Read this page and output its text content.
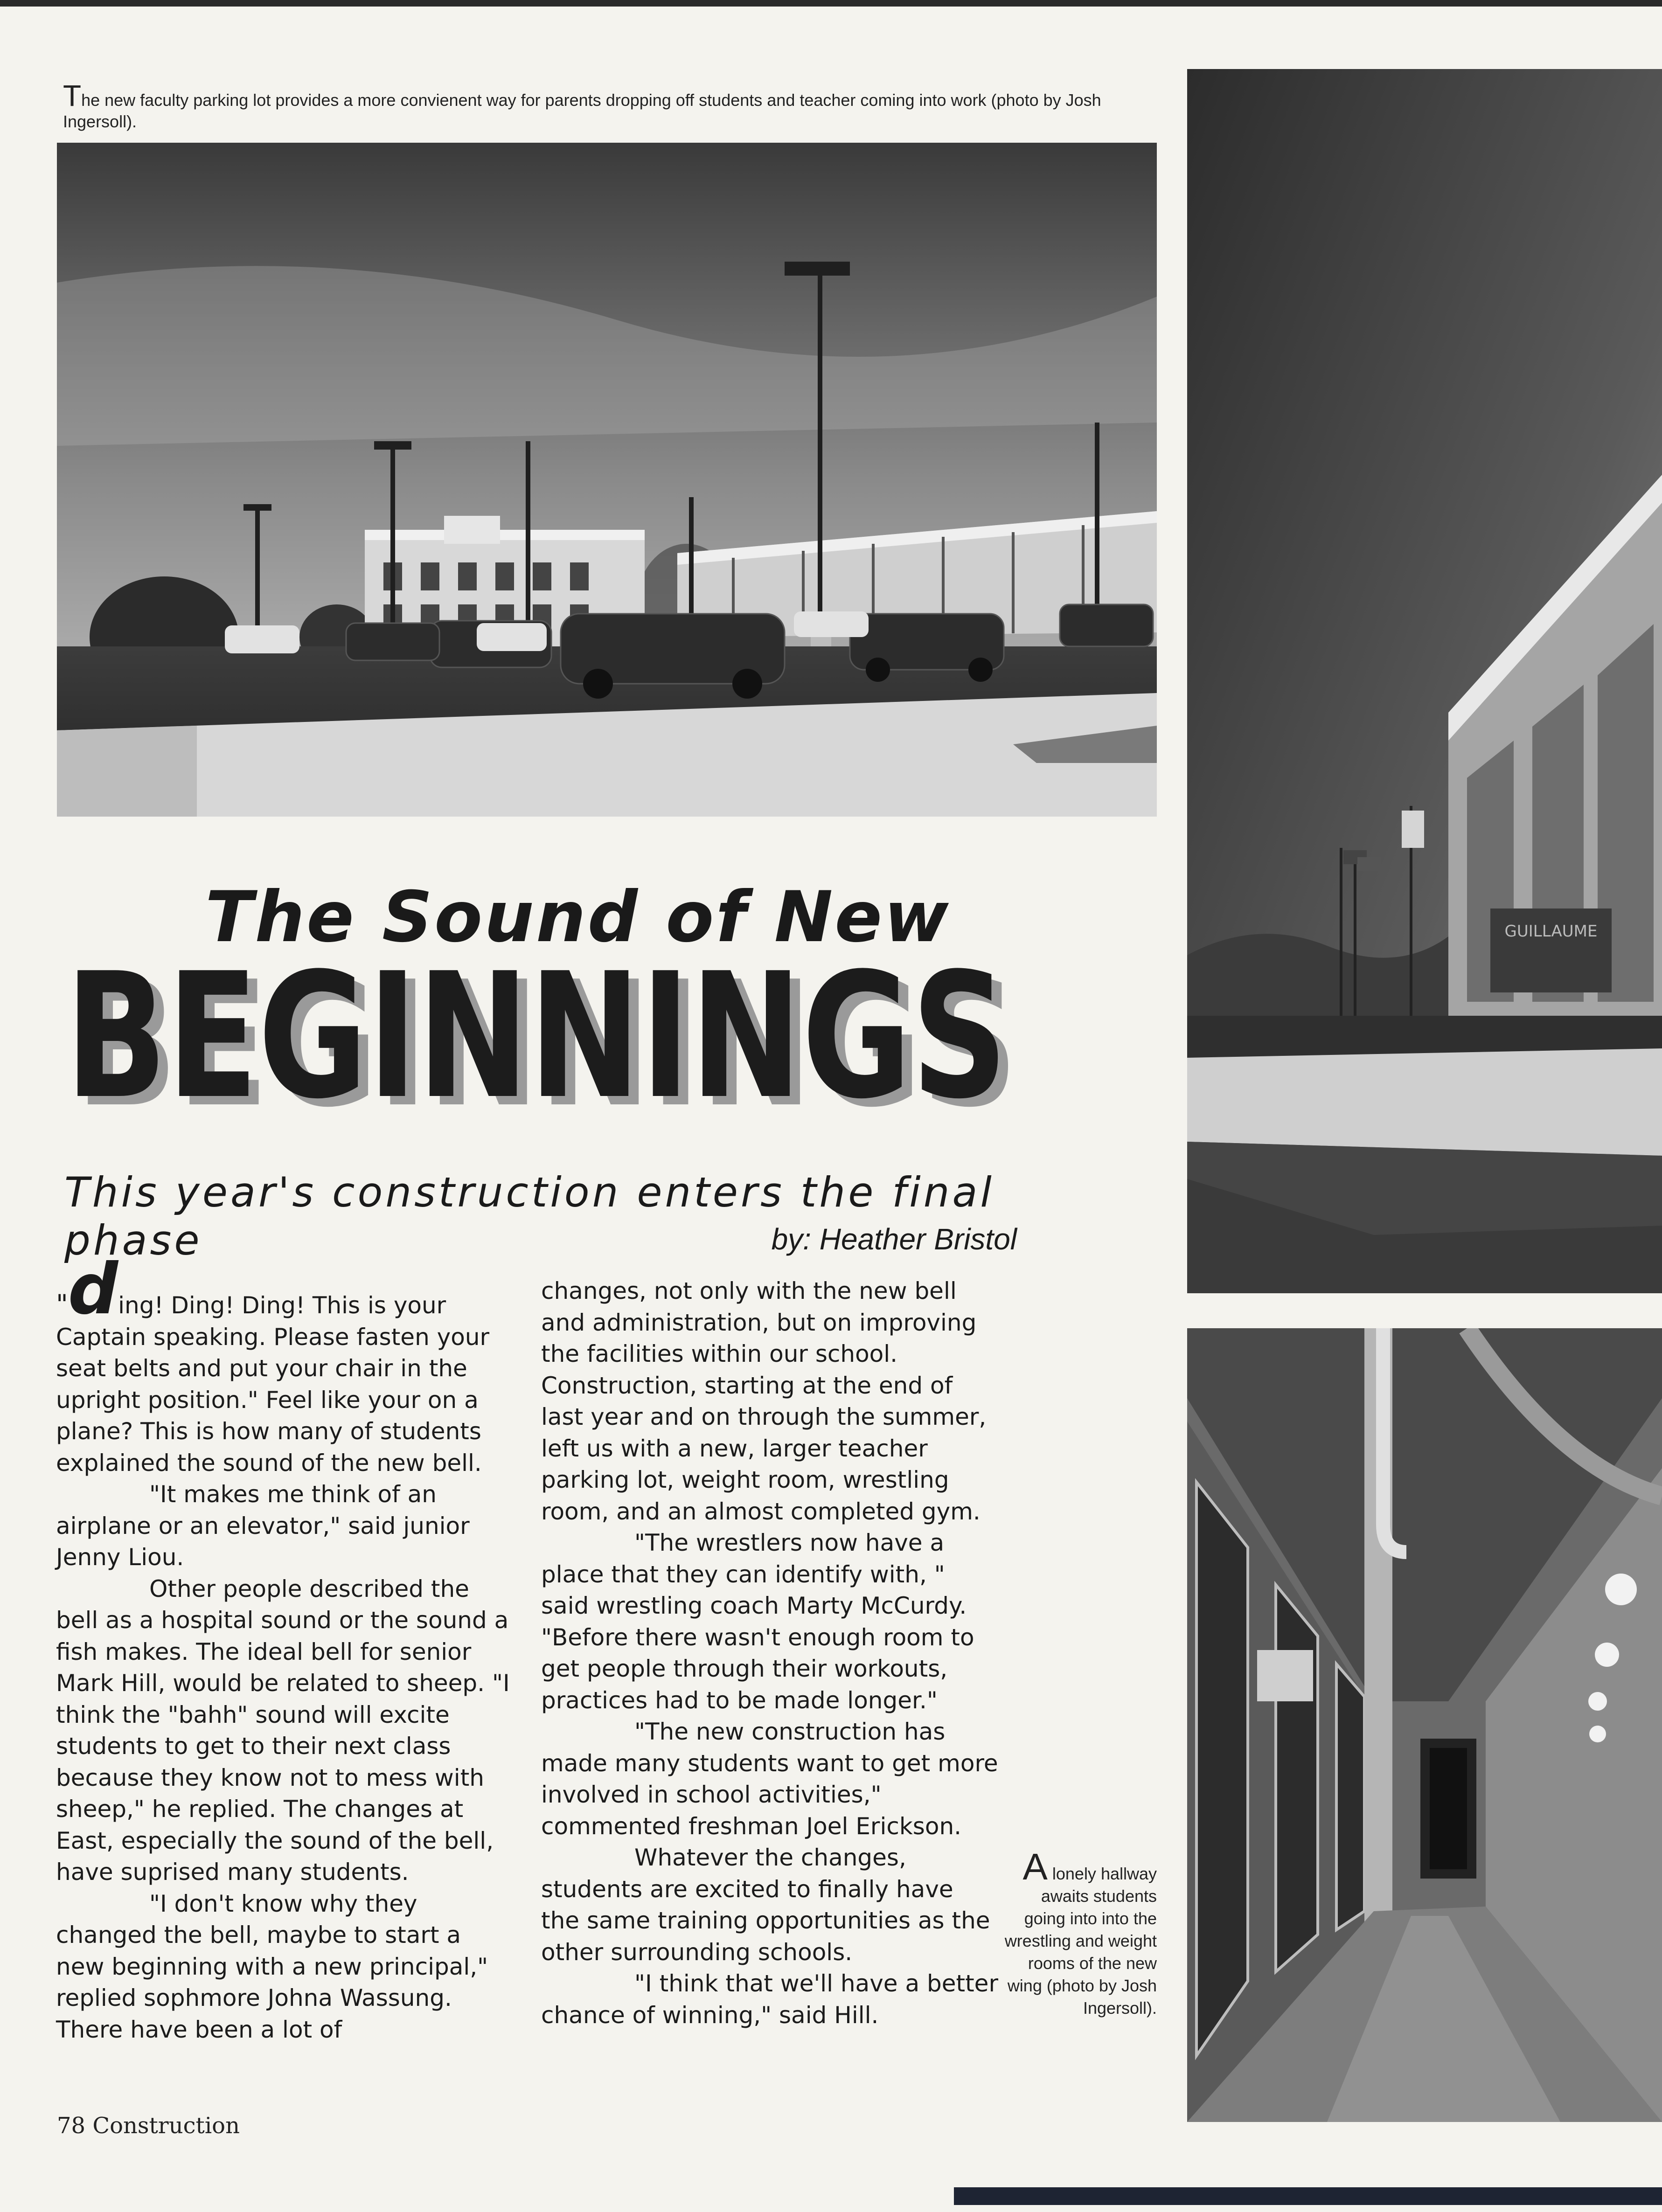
The new faculty parking lot provides a more convienent way for parents dropping off students and teacher coming into work (photo by Josh Ingersoll).
GUILLAUME
The Sound of New
BEGINNINGS
BEGINNINGS
This year's construction enters the final phase	by: Heather Bristol

"ding! Ding! Ding! This is your Captain speaking. Please fasten your seat belts and put your chair in the upright position." Feel like your on a plane? This is how many of students explained the sound of the new bell.

"It makes me think of an airplane or an elevator," said junior Jenny Liou.

Other people described the bell as a hospital sound or the sound a fish makes. The ideal bell for senior Mark Hill, would be related to sheep. "I think the "bahh" sound will excite students to get to their next class because they know not to mess with sheep," he replied. The changes at East, especially the sound of the bell, have suprised many students.

"I don't know why they changed the bell, maybe to start a new beginning with a new principal," replied sophmore Johna Wassung. There have been a lot of

changes, not only with the new bell and administration, but on improving the facilities within our school. Construction, starting at the end of last year and on through the summer, left us with a new, larger teacher parking lot, weight room, wrestling room, and an almost completed gym.

"The wrestlers now have a place that they can identify with, " said wrestling coach Marty McCurdy. "Before there wasn't enough room to get people through their workouts, practices had to be made longer."

"The new construction has made many students want to get more involved in school activities," commented freshman Joel Erickson.

Whatever the changes, students are excited to finally have the same training opportunities as the other surrounding schools.

"I think that we'll have a better chance of winning," said Hill.

A lonely hallway awaits students going into into the wrestling and weight rooms of the new wing (photo by Josh Ingersoll).
78 Construction
